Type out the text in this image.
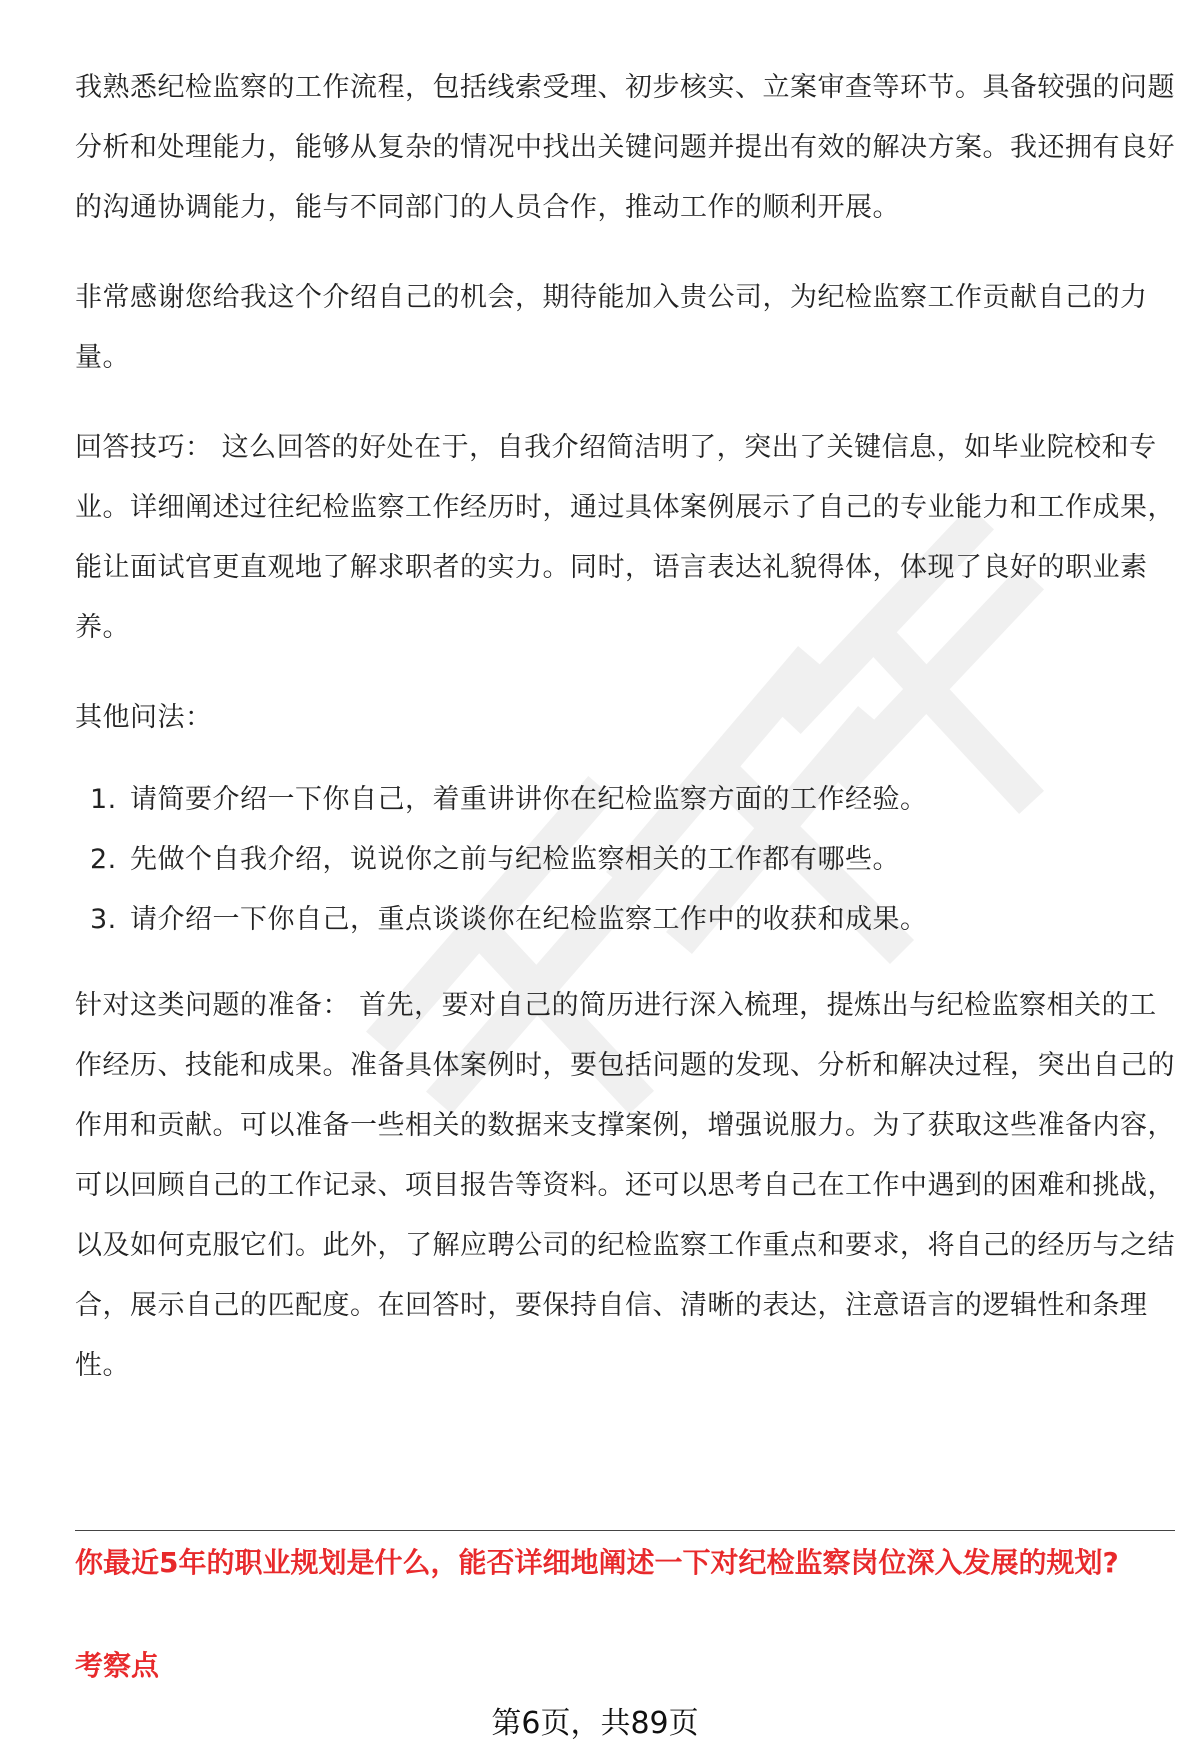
我熟悉纪检监察的工作流程，包括线索受理、初步核实、立案审查等环节。具备较强的问题分析和处理能力，能够从复杂的情况中找出关键问题并提出有效的解决方案。我还拥有良好的沟通协调能力，能与不同部门的人员合作，推动工作的顺利开展。

非常感谢您给我这个介绍自己的机会，期待能加入贵公司，为纪检监察工作贡献自己的力量。

回答技巧： 这么回答的好处在于，自我介绍简洁明了，突出了关键信息，如毕业院校和专业。详细阐述过往纪检监察工作经历时，通过具体案例展示了自己的专业能力和工作成果，能让面试官更直观地了解求职者的实力。同时，语言表达礼貌得体，体现了良好的职业素养。

其他问法：

1. 请简要介绍一下你自己，着重讲讲你在纪检监察方面的工作经验。
2. 先做个自我介绍，说说你之前与纪检监察相关的工作都有哪些。
3. 请介绍一下你自己，重点谈谈你在纪检监察工作中的收获和成果。

针对这类问题的准备： 首先，要对自己的简历进行深入梳理，提炼出与纪检监察相关的工作经历、技能和成果。准备具体案例时，要包括问题的发现、分析和解决过程，突出自己的作用和贡献。可以准备一些相关的数据来支撑案例，增强说服力。为了获取这些准备内容，可以回顾自己的工作记录、项目报告等资料。还可以思考自己在工作中遇到的困难和挑战，以及如何克服它们。此外，了解应聘公司的纪检监察工作重点和要求，将自己的经历与之结合，展示自己的匹配度。在回答时，要保持自信、清晰的表达，注意语言的逻辑性和条理性。

你最近5年的职业规划是什么，能否详细地阐述一下对纪检监察岗位深入发展的规划?
考察点
第6页，共89页
